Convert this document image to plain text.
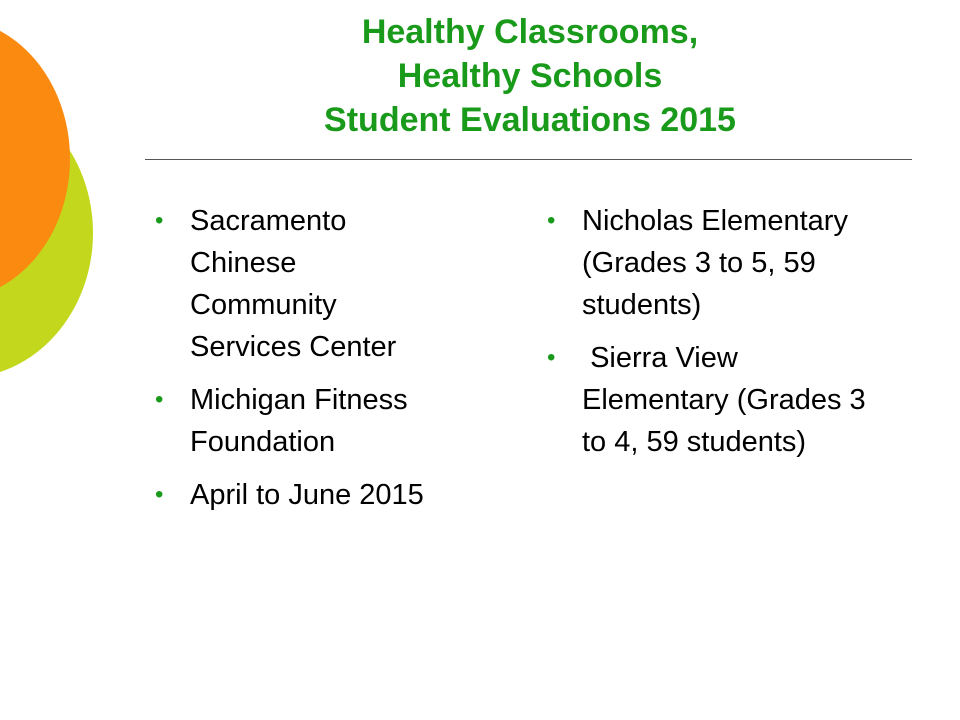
Healthy Classrooms,
Healthy Schools
Student Evaluations 2015
• Sacramento Chinese Community Services Center
• Michigan Fitness Foundation
• April to June 2015
• Nicholas Elementary (Grades 3 to 5, 59 students)
• Sierra View Elementary (Grades 3 to 4, 59 students)
